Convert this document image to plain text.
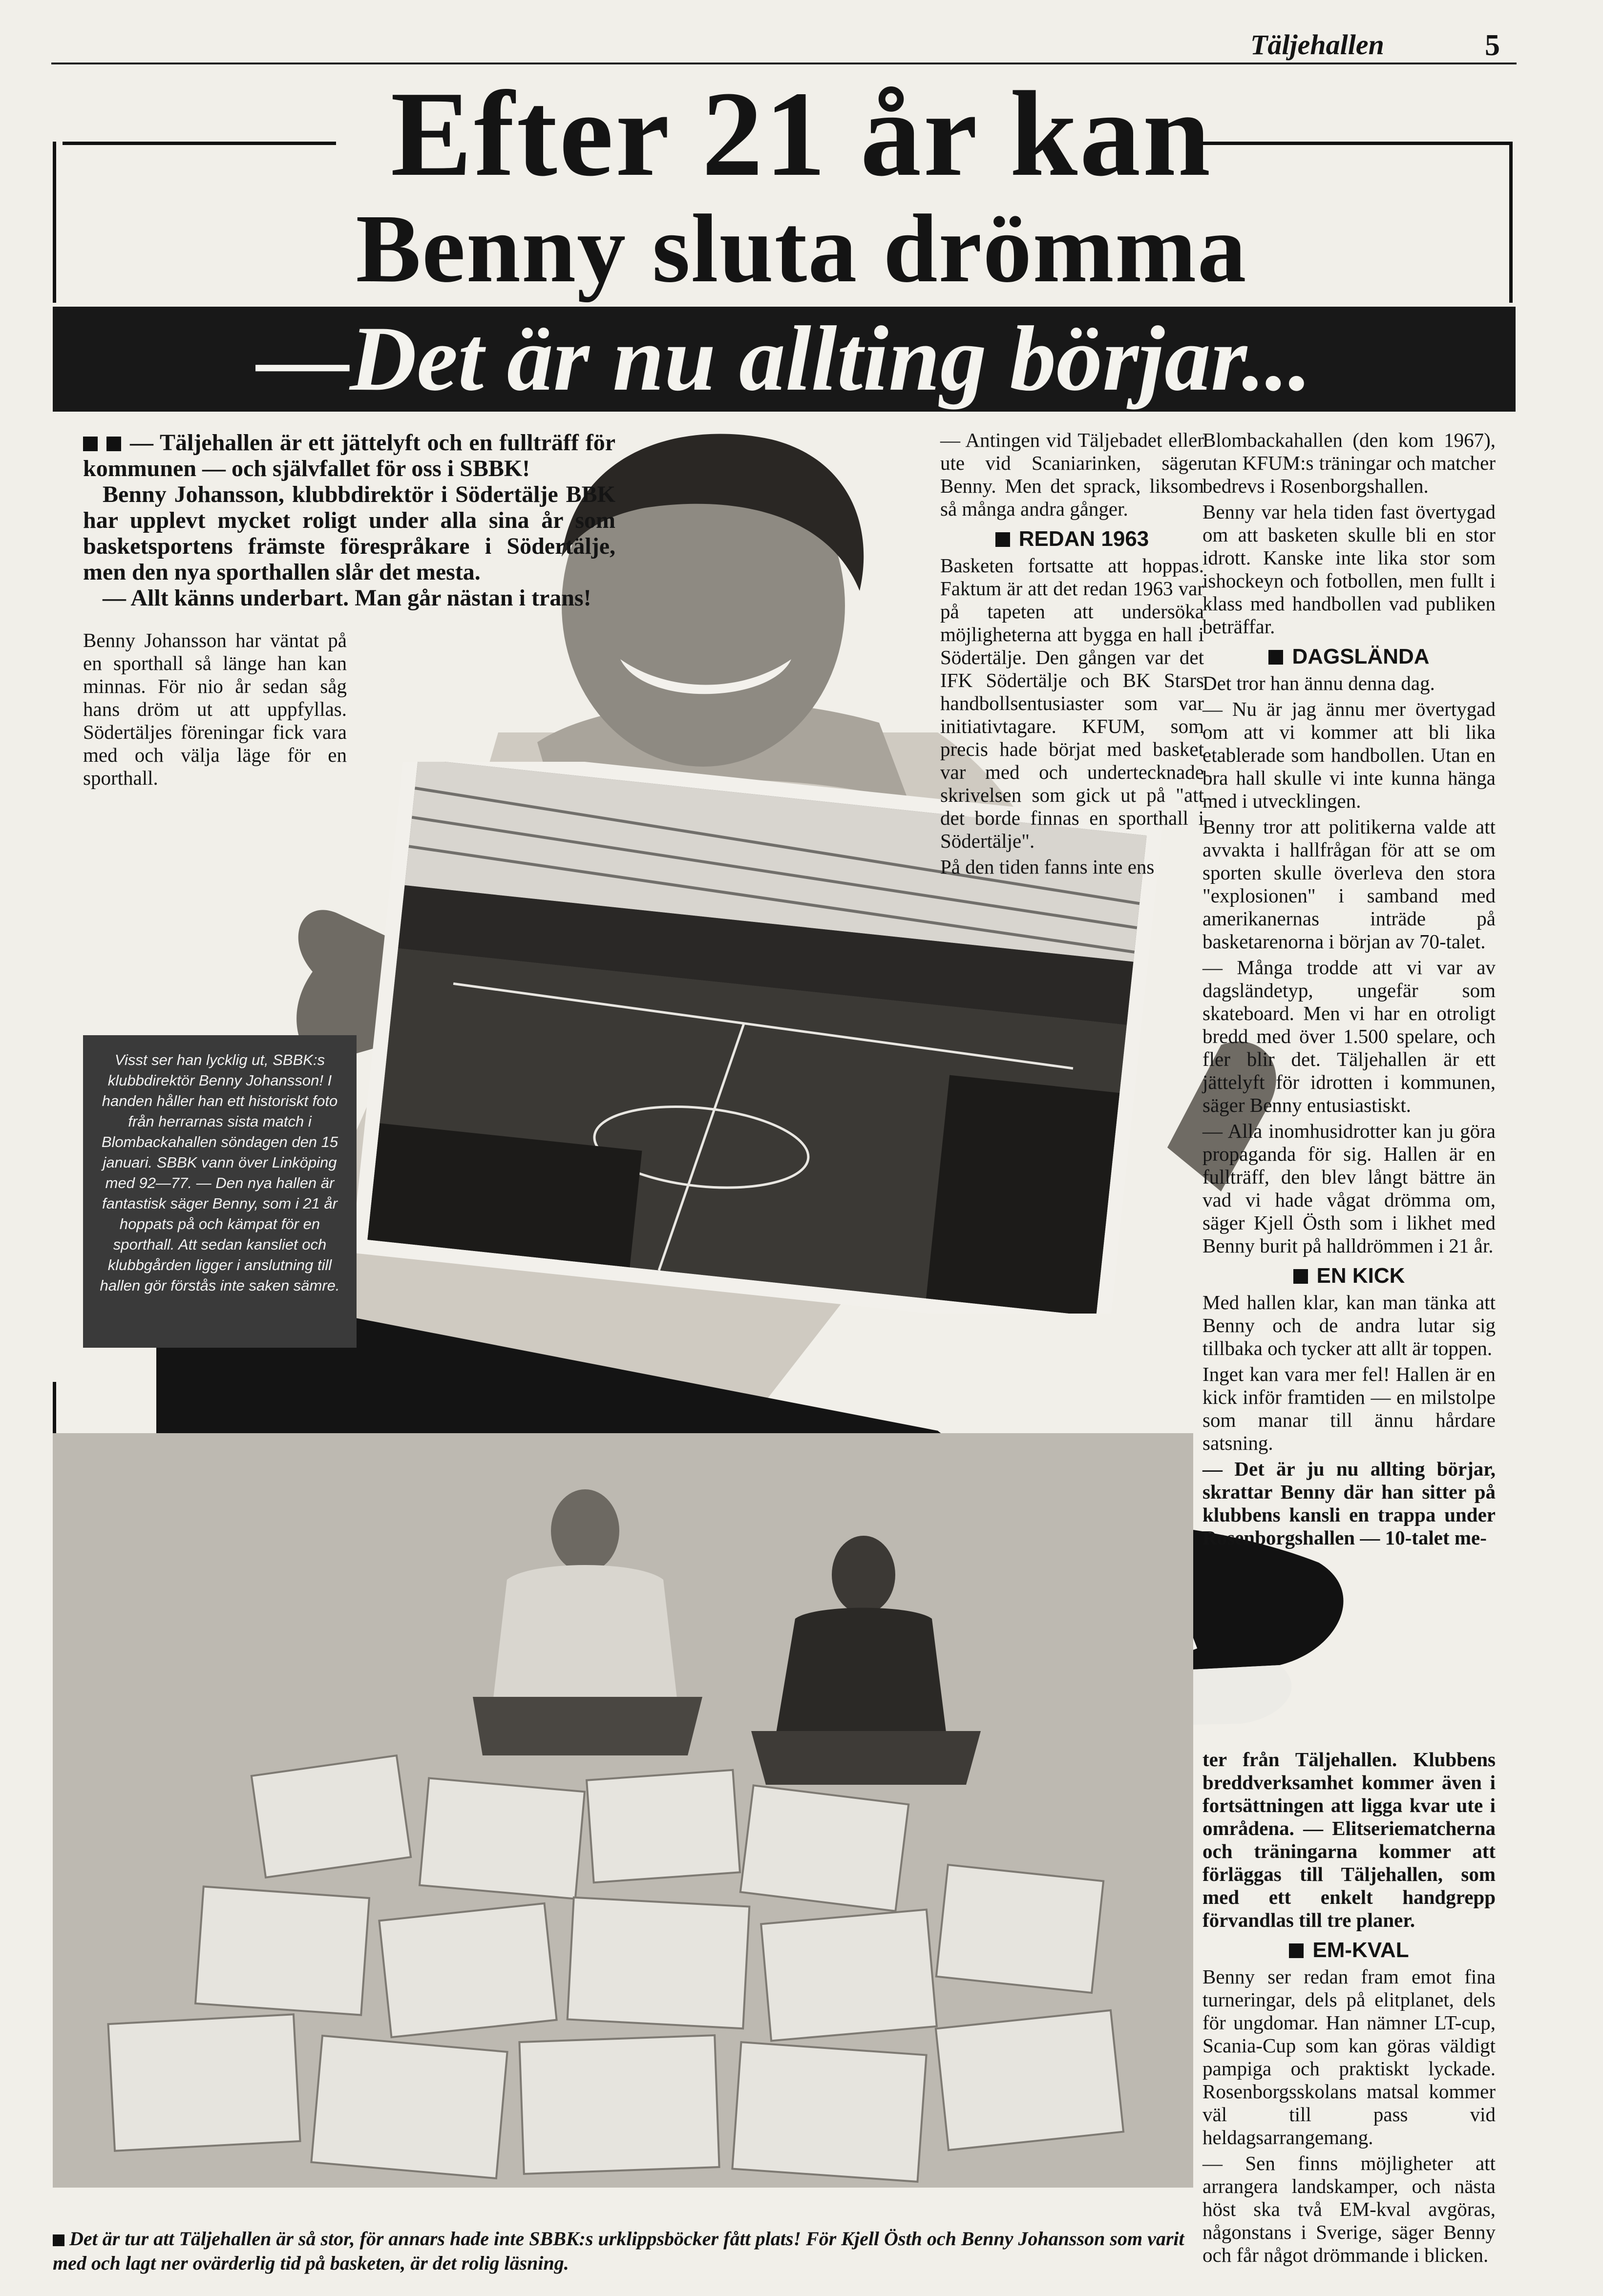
Täljehallen	5
Efter 21 år kan
Benny sluta drömma
—Det är nu allting börjar...
— Täljehallen är ett jättelyft och en fullträff för kommunen — och självfallet för oss i SBBK!
Benny Johansson, klubbdirektör i Södertälje BBK har upplevt mycket roligt under alla sina år som basketsportens främste förespråkare i Södertälje, men den nya sporthallen slår det mesta.
— Allt känns underbart. Man går nästan i trans!
Benny Johansson har väntat på en sporthall så länge han kan minnas. För nio år sedan såg hans dröm ut att uppfyllas. Södertäljes föreningar fick vara med och välja läge för en sporthall.

— Antingen vid Täljebadet eller ute vid Scaniarinken, säger Benny. Men det sprack, liksom så många andra gånger.

REDAN 1963

Basketen fortsatte att hoppas. Faktum är att det redan 1963 var på tapeten att undersöka möjligheterna att bygga en hall i Södertälje. Den gången var det IFK Södertälje och BK Stars handbollsentusiaster som var initiativtagare. KFUM, som precis hade börjat med basket var med och undertecknade skrivelsen som gick ut på "att det borde finnas en sporthall i Södertälje".

På den tiden fanns inte ens

Blombackahallen (den kom 1967), utan KFUM:s träningar och matcher bedrevs i Rosenborgshallen.

Benny var hela tiden fast övertygad om att basketen skulle bli en stor idrott. Kanske inte lika stor som ishockeyn och fotbollen, men fullt i klass med handbollen vad publiken beträffar.

DAGSLÄNDA

Det tror han ännu denna dag.

— Nu är jag ännu mer övertygad om att vi kommer att bli lika etablerade som handbollen. Utan en bra hall skulle vi inte kunna hänga med i utvecklingen.

Benny tror att politikerna valde att avvakta i hallfrågan för att se om sporten skulle överleva den stora "explosionen" i samband med amerikanernas inträde på basketarenorna i början av 70-talet.

— Många trodde att vi var av dagsländetyp, ungefär som skateboard. Men vi har en otroligt bredd med över 1.500 spelare, och fler blir det. Täljehallen är ett jättelyft för idrotten i kommunen, säger Benny entusiastiskt.

— Alla inomhusidrotter kan ju göra propaganda för sig. Hallen är en fullträff, den blev långt bättre än vad vi hade vågat drömma om, säger Kjell Östh som i likhet med Benny burit på halldrömmen i 21 år.

EN KICK

Med hallen klar, kan man tänka att Benny och de andra lutar sig tillbaka och tycker att allt är toppen.

Inget kan vara mer fel! Hallen är en kick inför framtiden — en milstolpe som manar till ännu hårdare satsning.

— Det är ju nu allting börjar, skrattar Benny där han sitter på klubbens kansli en trappa under Rosenborgshallen — 10-talet me-

ter från Täljehallen. Klubbens breddverksamhet kommer även i fortsättningen att ligga kvar ute i områdena. — Elitseriematcherna och träningarna kommer att förläggas till Täljehallen, som med ett enkelt handgrepp förvandlas till tre planer.

EM-KVAL

Benny ser redan fram emot fina turneringar, dels på elitplanet, dels för ungdomar. Han nämner LT-cup, Scania-Cup som kan göras väldigt pampiga och praktiskt lyckade. Rosenborgsskolans matsal kommer väl till pass vid heldagsarrangemang.

— Sen finns möjligheter att arrangera landskamper, och nästa höst ska två EM-kval avgöras, någonstans i Sverige, säger Benny och får något drömmande i blicken.

Visst ser han lycklig ut, SBBK:s klubbdirektör Benny Johansson! I handen håller han ett historiskt foto från herrarnas sista match i Blombackahallen söndagen den 15 januari. SBBK vann över Linköping med 92—77. — Den nya hallen är fantastisk säger Benny, som i 21 år hoppats på och kämpat för en sporthall. Att sedan kansliet och klubbgården ligger i anslutning till hallen gör förstås inte saken sämre.
Det är tur att Täljehallen är så stor, för annars hade inte SBBK:s urklippsböcker fått plats! För Kjell Östh och Benny Johansson som varit med och lagt ner ovärderlig tid på basketen, är det rolig läsning.
